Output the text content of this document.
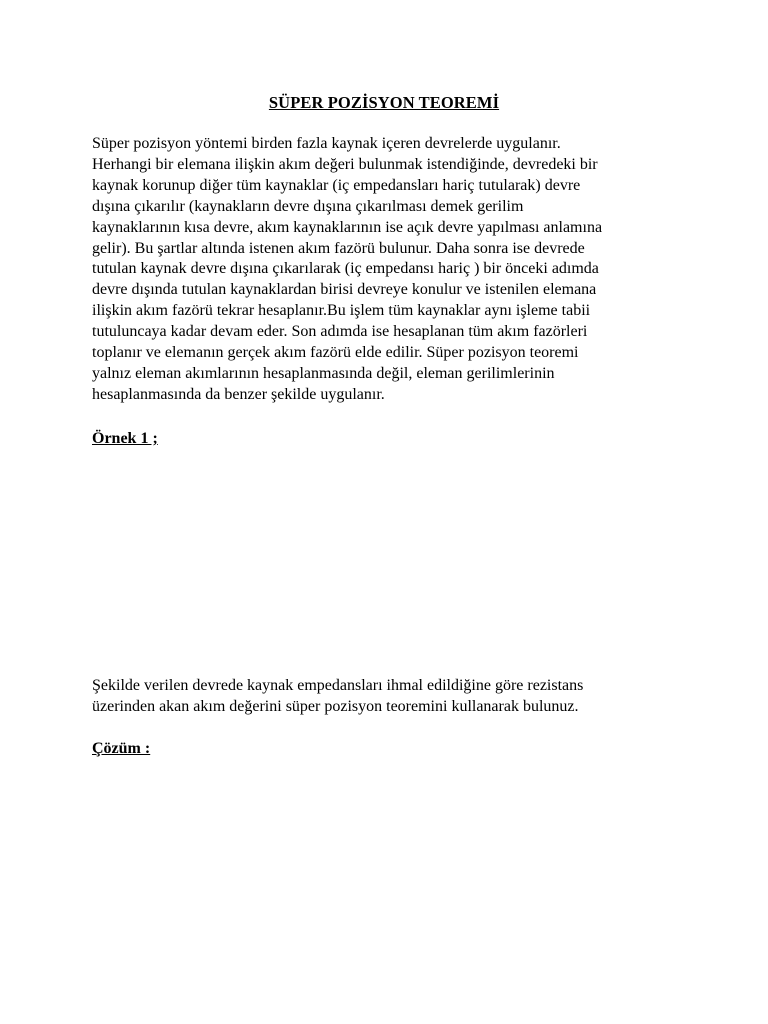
SÜPER POZİSYON TEOREMİ

Süper pozisyon yöntemi birden fazla kaynak içeren devrelerde uygulanır.
Herhangi bir elemana ilişkin akım değeri bulunmak istendiğinde, devredeki bir
kaynak korunup diğer tüm kaynaklar (iç empedansları hariç tutularak) devre
dışına çıkarılır (kaynakların devre dışına çıkarılması demek gerilim
kaynaklarının kısa devre, akım kaynaklarının ise açık devre yapılması anlamına
gelir). Bu şartlar altında istenen akım fazörü bulunur. Daha sonra ise devrede
tutulan kaynak devre dışına çıkarılarak (iç empedansı hariç ) bir önceki adımda
devre dışında tutulan kaynaklardan birisi devreye konulur ve istenilen elemana
ilişkin akım fazörü tekrar hesaplanır.Bu işlem tüm kaynaklar aynı işleme tabii
tutuluncaya kadar devam eder. Son adımda ise hesaplanan tüm akım fazörleri
toplanır ve elemanın gerçek akım fazörü elde edilir. Süper pozisyon teoremi
yalnız eleman akımlarının hesaplanmasında değil, eleman gerilimlerinin
hesaplanmasında da benzer şekilde uygulanır.

Örnek 1 ;

Şekilde verilen devrede kaynak empedansları ihmal edildiğine göre rezistans
üzerinden akan akım değerini süper pozisyon teoremini kullanarak bulunuz.

Çözüm :
